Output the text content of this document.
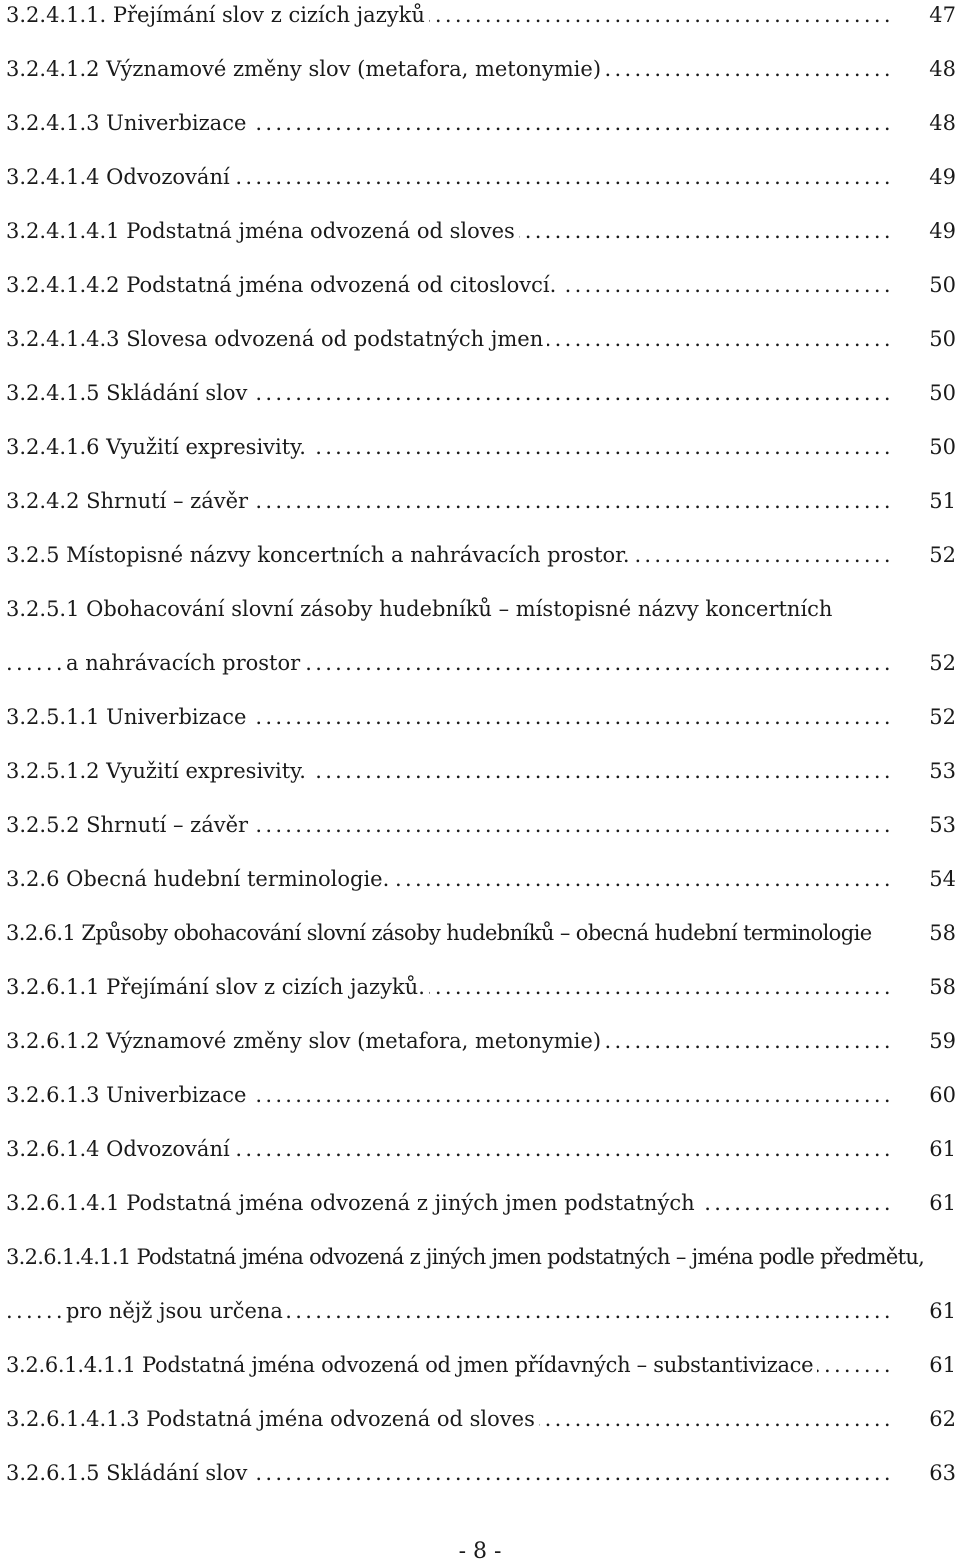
3.2.4.1.1. Přejímání slov z cizích jazyků .....	47
3.2.4.1.2 Významové změny slov (metafora, metonymie) .....	48
3.2.4.1.3 Univerbizace .....	48
3.2.4.1.4 Odvozování .....	49
3.2.4.1.4.1 Podstatná jména odvozená od sloves .....	49
3.2.4.1.4.2 Podstatná jména odvozená od citoslovcí. .....	50
3.2.4.1.4.3 Slovesa odvozená od podstatných jmen .....	50
3.2.4.1.5 Skládání slov .....	50
3.2.4.1.6 Využití expresivity. .....	50
3.2.4.2 Shrnutí – závěr .....	51
3.2.5 Místopisné názvy koncertních a nahrávacích prostor. .....	52
3.2.5.1 Obohacování slovní zásoby hudebníků – místopisné názvy koncertních
a nahrávacích prostor .....	52
3.2.5.1.1 Univerbizace .....	52
3.2.5.1.2 Využití expresivity. .....	53
3.2.5.2 Shrnutí – závěr .....	53
3.2.6 Obecná hudební terminologie. .....	54
3.2.6.1 Způsoby obohacování slovní zásoby hudebníků – obecná hudební terminologie	58
3.2.6.1.1 Přejímání slov z cizích jazyků. .....	58
3.2.6.1.2 Významové změny slov (metafora, metonymie) .....	59
3.2.6.1.3 Univerbizace .....	60
3.2.6.1.4 Odvozování .....	61
3.2.6.1.4.1 Podstatná jména odvozená z jiných jmen podstatných .....	61
3.2.6.1.4.1.1 Podstatná jména odvozená z jiných jmen podstatných – jména podle předmětu,
pro nějž jsou určena .....	61
3.2.6.1.4.1.1 Podstatná jména odvozená od jmen přídavných – substantivizace .....	61
3.2.6.1.4.1.3 Podstatná jména odvozená od sloves .....	62
3.2.6.1.5 Skládání slov .....	63
- 8 -
